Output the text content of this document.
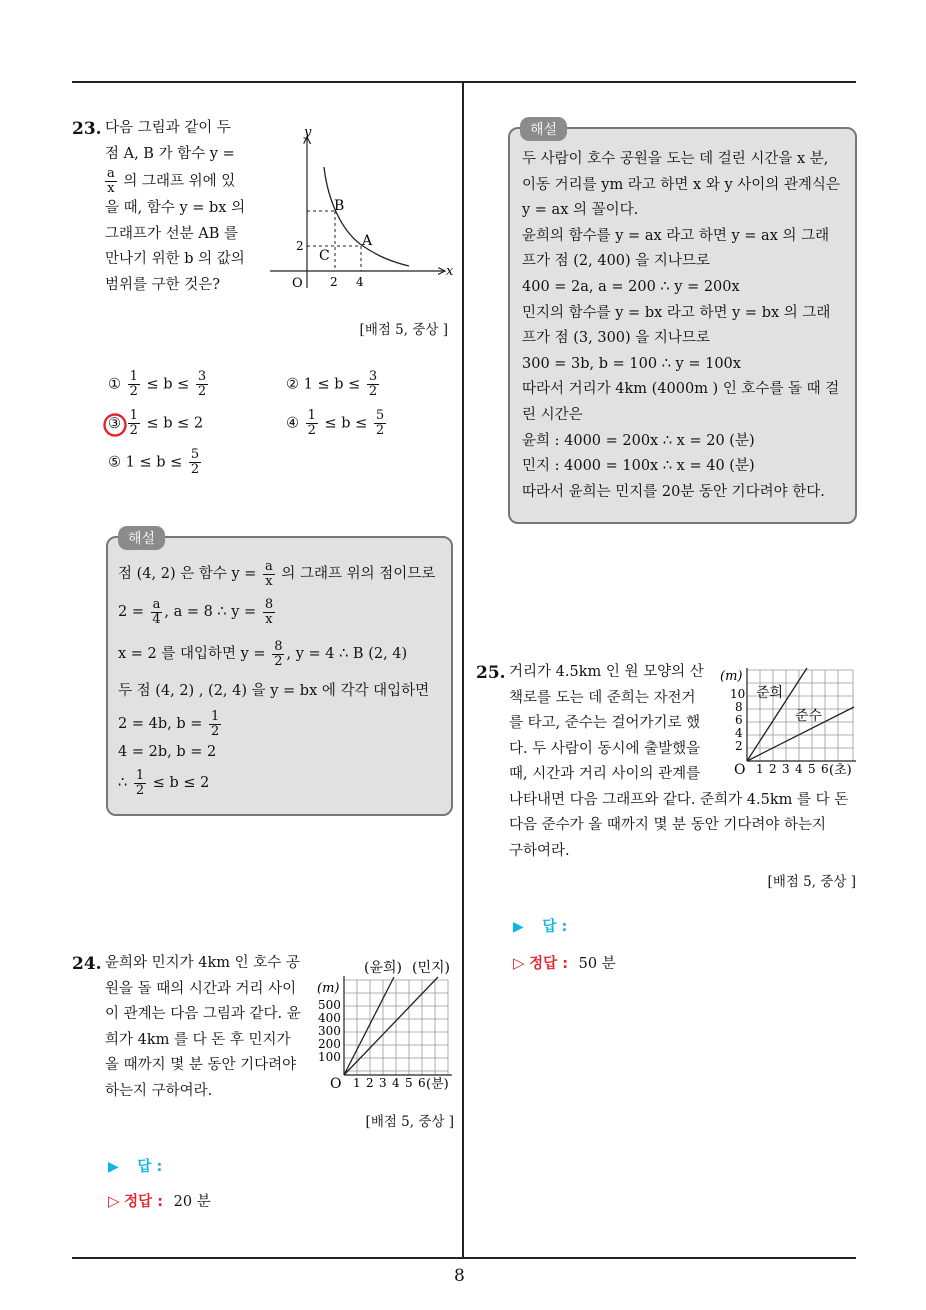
8
23. 다음 그림과 같이 두
점 A, B 가 함수 y =
$\frac{a}{x}$ 의 그래프 위에 있
을 때, 함수 y = bx 의
그래프가 선분 AB 를
만나기 위한 b 의 값의
범위를 구한 것은?
y
x
O
B
A
C
2
2 4
[배점 5, 중상 ]
① $\frac{1}{2} \le b \le \frac{3}{2}$	② $1 \le b \le \frac{3}{2}$
③
$\frac{1}{2} \le b \le 2$	④ $\frac{1}{2} \le b \le \frac{5}{2}$
⑤ $1 \le b \le \frac{5}{2}$
해설
점 (4, 2) 은 함수 $y = \frac{a}{x}$ 의 그래프 위의 점이므로
$2 = \frac{a}{4}$ , a = 8 ∴ $y = \frac{8}{x}$
x = 2 를 대입하면 $y = \frac{8}{2}$ , y = 4 ∴ B (2, 4)
두 점 (4, 2) , (2, 4) 을 y = bx 에 각각 대입하면
2 = 4b, $b = \frac{1}{2}$
4 = 2b, b = 2
∴ $\frac{1}{2} \le b \le 2$
24. 윤희와 민지가 4km 인 호수 공
원을 돌 때의 시간과 거리 사이
이 관계는 다음 그림과 같다. 윤
희가 4km 를 다 돈 후 민지가
올 때까지 몇 분 동안 기다려야
하는지 구하여라.
(윤희) (민지)
(m)
500
400
300
200
100
O 1 2 3 4 5 6 (분)
[배점 5, 중상 ]
▶ 답 :
▷ 정답 : 20 분
해설
두 사람이 호수 공원을 도는 데 걸린 시간을 x 분,
이동 거리를 ym 라고 하면 x 와 y 사이의 관계식은
y = ax 의 꼴이다.
윤희의 함수를 y = ax 라고 하면 y = ax 의 그래
프가 점 (2, 400) 을 지나므로
400 = 2a, a = 200 ∴ y = 200x
민지의 함수를 y = bx 라고 하면 y = bx 의 그래
프가 점 (3, 300) 을 지나므로
300 = 3b, b = 100 ∴ y = 100x
따라서 거리가 4km (4000m ) 인 호수를 돌 때 걸
린 시간은
윤희 : 4000 = 200x ∴ x = 20 (분)
민지 : 4000 = 100x ∴ x = 40 (분)
따라서 윤희는 민지를 20분 동안 기다려야 한다.
25. 거리가 4.5km 인 원 모양의 산
책로를 도는 데 준희는 자전거
를 타고, 준수는 걸어가기로 했
다. 두 사람이 동시에 출발했을
때, 시간과 거리 사이의 관계를
나타내면 다음 그래프와 같다. 준희가 4.5km 를 다 돈
다음 준수가 올 때까지 몇 분 동안 기다려야 하는지
구하여라.
준희
준수
(m)
10
8
6
4
2
O 1 2 3 4 5 6 (초)
[배점 5, 중상 ]
▶ 답 :
▷ 정답 : 50 분
